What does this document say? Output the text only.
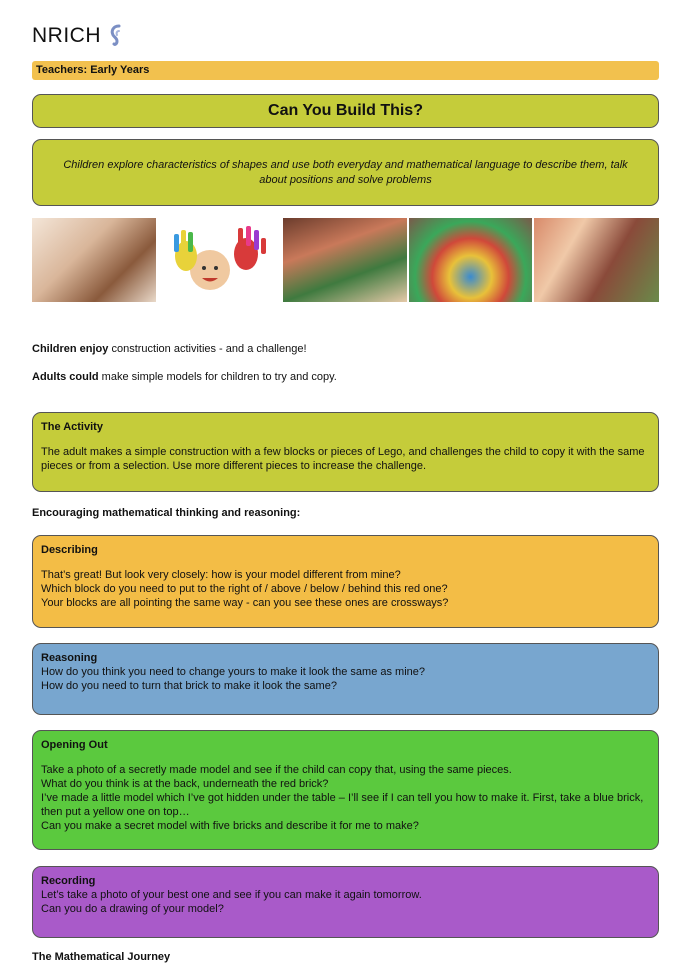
NRICH
Teachers: Early Years
Can You Build This?
Children explore characteristics of shapes and use both everyday and mathematical language to describe them, talk about positions and solve problems
Children enjoy construction activities - and a challenge!
Adults could make simple models for children to try and copy.
The Activity
The adult makes a simple construction with a few blocks or pieces of Lego, and challenges the child to copy it with the same pieces or from a selection. Use more different pieces to increase the challenge.
Encouraging mathematical thinking and reasoning:
Describing
That’s great! But look very closely: how is your model different from mine?
Which block do you need to put to the right of / above / below / behind this red one?
Your blocks are all pointing the same way - can you see these ones are crossways?
Reasoning
How do you think you need to change yours to make it look the same as mine?
How do you need to turn that brick to make it look the same?
Opening Out
Take a photo of a secretly made model and see if the child can copy that, using the same pieces.
What do you think is at the back, underneath the red brick?
I’ve made a little model which I’ve got hidden under the table – I’ll see if I can tell you how to make it. First, take a blue brick, then put a yellow one on top…
Can you make a secret model with five bricks and describe it for me to make?
Recording
Let’s take a photo of your best one and see if you can make it again tomorrow.
Can you do a drawing of your model?
The Mathematical Journey
